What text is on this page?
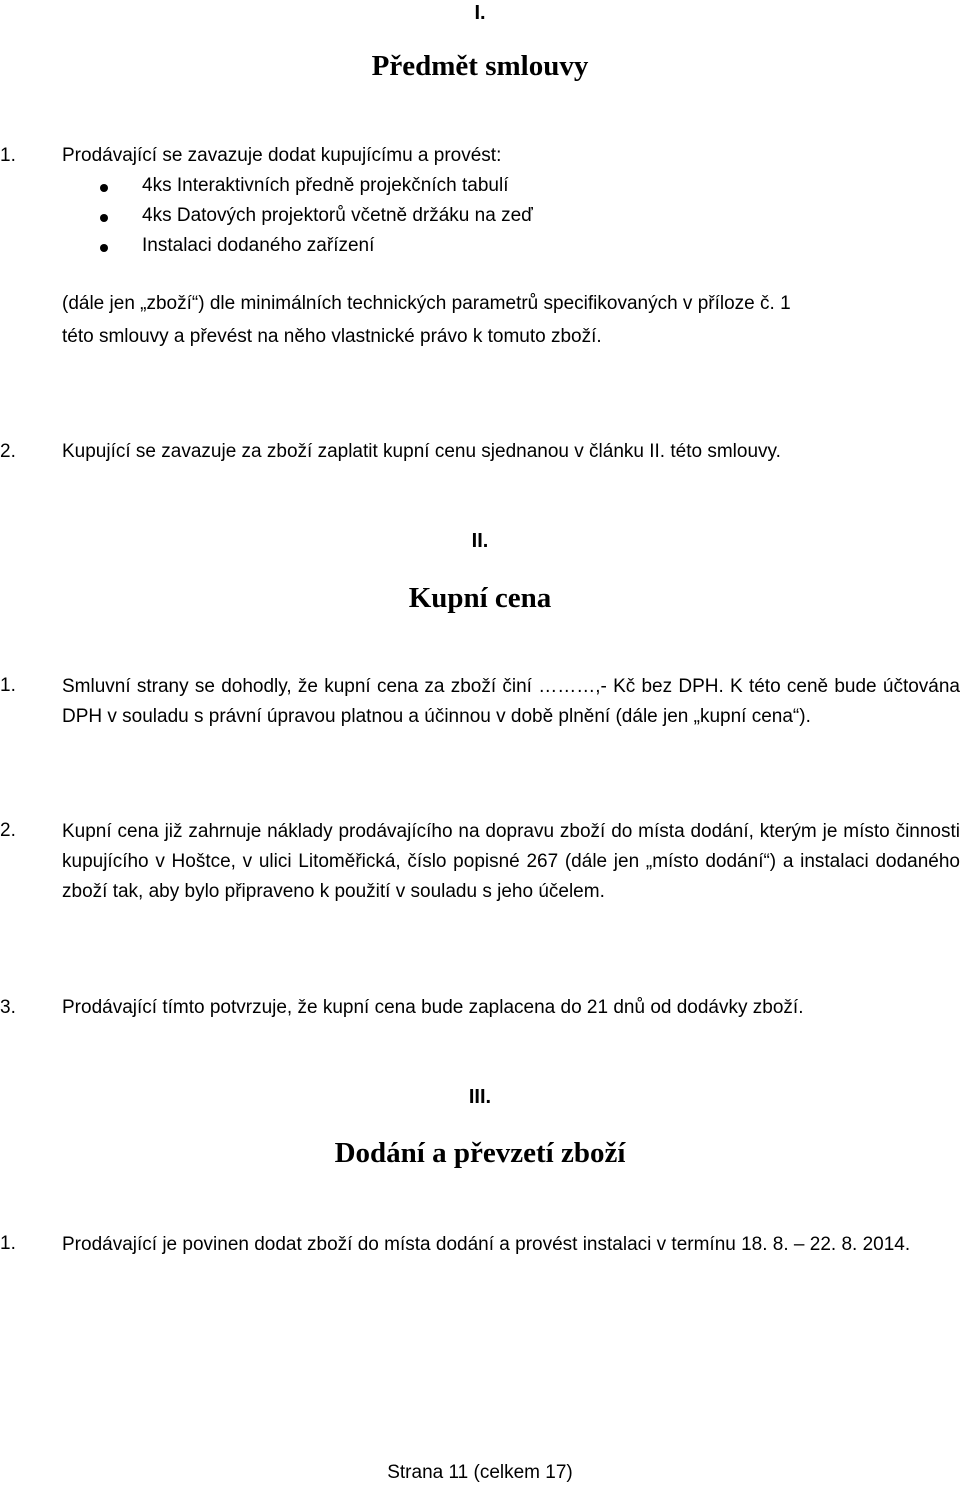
I.
Předmět smlouvy
1. Prodávající se zavazuje dodat kupujícímu a provést:
4ks Interaktivních předně projekčních tabulí
4ks Datových projektorů včetně držáku na zeď
Instalaci dodaného zařízení
(dále jen „zboží“) dle minimálních technických parametrů specifikovaných v příloze č. 1
této smlouvy a převést na něho vlastnické právo k tomuto zboží.
2. Kupující se zavazuje za zboží zaplatit kupní cenu sjednanou v článku II. této smlouvy.
II.
Kupní cena
1. Smluvní strany se dohodly, že kupní cena za zboží činí ………,- Kč bez DPH. K této ceně bude účtována DPH v souladu s právní úpravou platnou a účinnou v době plnění (dále jen „kupní cena“).
2. Kupní cena již zahrnuje náklady prodávajícího na dopravu zboží do místa dodání, kterým je místo činnosti kupujícího v Hoštce, v ulici Litoměřická, číslo popisné 267 (dále jen „místo dodání“) a instalaci dodaného zboží tak, aby bylo připraveno k použití v souladu s jeho účelem.
3. Prodávající tímto potvrzuje, že kupní cena bude zaplacena do 21 dnů od dodávky zboží.
III.
Dodání a převzetí zboží
1. Prodávající je povinen dodat zboží do místa dodání a provést instalaci v termínu 18. 8. – 22. 8. 2014.
Strana 11 (celkem 17)
